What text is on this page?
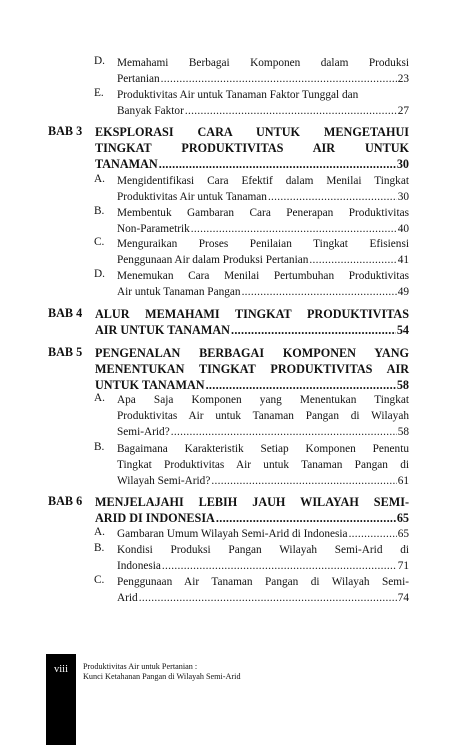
D. Memahami Berbagai Komponen dalam Produksi
Pertanian .....	23
E. Produktivitas Air untuk Tanaman Faktor Tunggal dan
Banyak Faktor .....	27
BAB 3 EKSPLORASI CARA UNTUK MENGETAHUI
TINGKAT PRODUKTIVITAS AIR UNTUK
TANAMAN .....	30
A. Mengidentifikasi Cara Efektif dalam Menilai Tingkat
Produktivitas Air untuk Tanaman .....	30
B. Membentuk Gambaran Cara Penerapan Produktivitas
Non-Parametrik .....	40
C. Menguraikan Proses Penilaian Tingkat Efisiensi
Penggunaan Air dalam Produksi Pertanian .....	41
D. Menemukan Cara Menilai Pertumbuhan Produktivitas
Air untuk Tanaman Pangan .....	49
BAB 4 ALUR MEMAHAMI TINGKAT PRODUKTIVITAS
AIR UNTUK TANAMAN .....	54
BAB 5 PENGENALAN BERBAGAI KOMPONEN YANG
MENENTUKAN TINGKAT PRODUKTIVITAS AIR
UNTUK TANAMAN .....	58
A. Apa Saja Komponen yang Menentukan Tingkat
Produktivitas Air untuk Tanaman Pangan di Wilayah
Semi-Arid? .....	58
B. Bagaimana Karakteristik Setiap Komponen Penentu
Tingkat Produktivitas Air untuk Tanaman Pangan di
Wilayah Semi-Arid? .....	61
BAB 6 MENJELAJAHI LEBIH JAUH WILAYAH SEMI-
ARID DI INDONESIA .....	65
A. Gambaran Umum Wilayah Semi-Arid di Indonesia .....	65
B. Kondisi Produksi Pangan Wilayah Semi-Arid di
Indonesia .....	71
C. Penggunaan Air Tanaman Pangan di Wilayah Semi-
Arid .....	74
viii	Produktivitas Air untuk Pertanian :
Kunci Ketahanan Pangan di Wilayah Semi-Arid
